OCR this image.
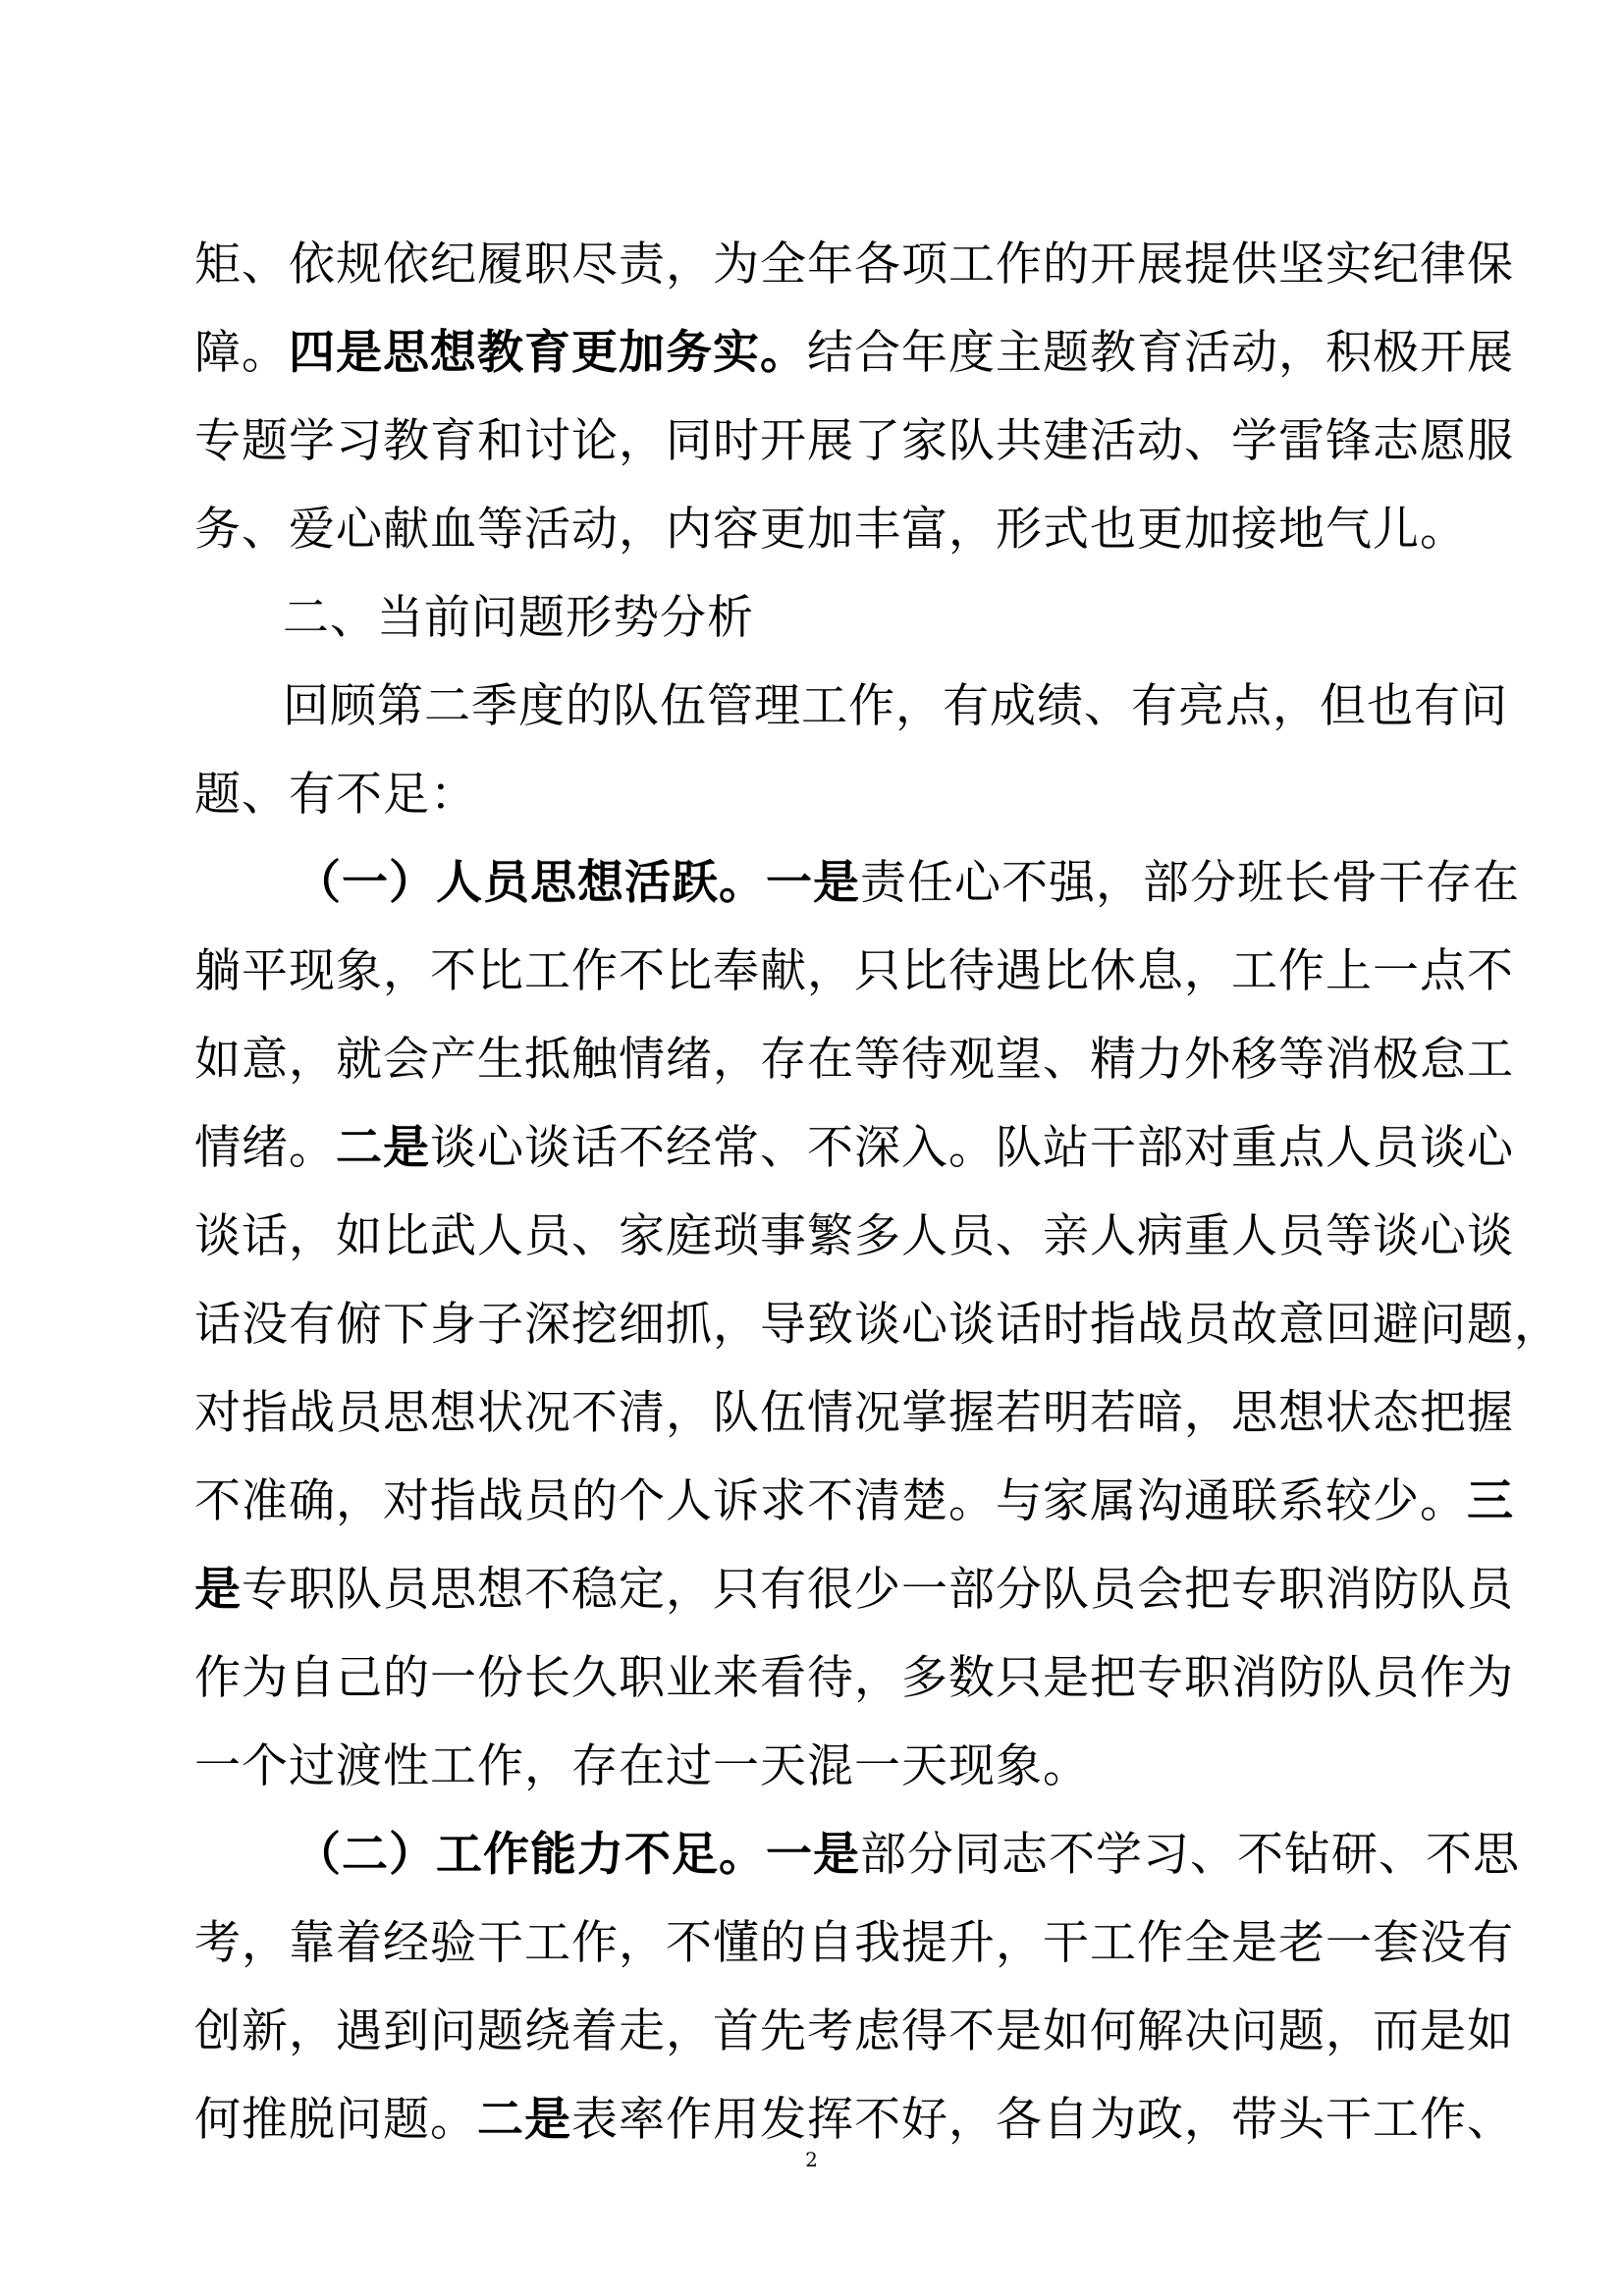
矩、依规依纪履职尽责，为全年各项工作的开展提供坚实纪律保
障。四是思想教育更加务实。结合年度主题教育活动，积极开展
专题学习教育和讨论，同时开展了家队共建活动、学雷锋志愿服
务、爱心献血等活动，内容更加丰富，形式也更加接地气儿。
二、当前问题形势分析
回顾第二季度的队伍管理工作，有成绩、有亮点，但也有问
题、有不足：
（一）人员思想活跃。一是责任心不强，部分班长骨干存在
躺平现象，不比工作不比奉献，只比待遇比休息，工作上一点不
如意，就会产生抵触情绪，存在等待观望、精力外移等消极怠工
情绪。二是谈心谈话不经常、不深入。队站干部对重点人员谈心
谈话，如比武人员、家庭琐事繁多人员、亲人病重人员等谈心谈
话没有俯下身子深挖细抓，导致谈心谈话时指战员故意回避问题，
对指战员思想状况不清，队伍情况掌握若明若暗，思想状态把握
不准确，对指战员的个人诉求不清楚。与家属沟通联系较少。三
是专职队员思想不稳定，只有很少一部分队员会把专职消防队员
作为自己的一份长久职业来看待，多数只是把专职消防队员作为
一个过渡性工作，存在过一天混一天现象。
（二）工作能力不足。一是部分同志不学习、不钻研、不思
考，靠着经验干工作，不懂的自我提升，干工作全是老一套没有
创新，遇到问题绕着走，首先考虑得不是如何解决问题，而是如
何推脱问题。二是表率作用发挥不好，各自为政，带头干工作、
2
